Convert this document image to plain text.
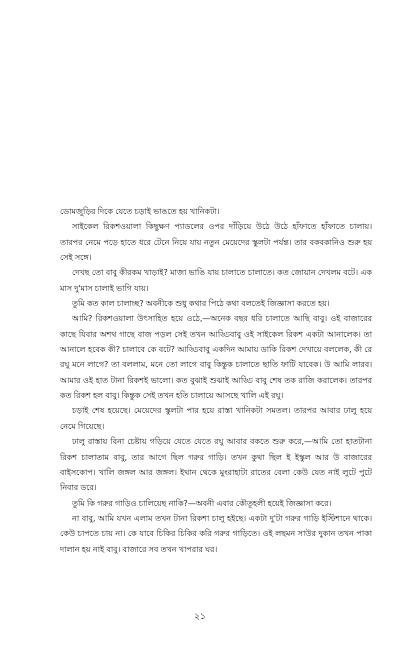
ডোমজুড়ির দিকে যেতে চড়াই ভাঙতে হয় খানিকটা।

সাইকেল রিকশওয়ালা কিছুক্ষণ প্যাডলের ওপর দাঁড়িয়ে উঠে উঠে হাঁফাতে হাঁফাতে চালায়। তারপর নেমে পড়ে হাতে ধরে টেনে নিয়ে যায় নতুন মেয়েদের স্কুলটা পর্যন্ত। তার বকবকানিও শুরু হয় সেই সঙ্গে।

দেখছ তো বাবু কীরকম খাড়াই? মাজা ভাঙি যায় চালাতে চালাতে। কত জোয়ান দেখলম বটে। এক মাস দু'মাস চালাই ভাগি যায়।

তুমি কত কাল চালাচ্ছ? অবনীকে শুধু কথার পিঠে কথা বলতেই জিজ্ঞাসা করতে হয়।

আমি? রিকশওয়ালা উৎসাহিত হয়ে ওঠে,—অনেক বছর ধরি চালাতে আছি বাবু। ওই বাজারের কাছে যিবার অশথ গাছে বাজ পড়ল সেই তখন আড্ডিবাবু ওই সাইকেল রিকশ একটা আনালেক। তা আনালে হবেক কী? চালাবে কে বটে? আড্ডিবাবু একদিন আমায় ডাকি রিকশ দেখায়ে বললেক, কী রে রঘু মনে লাগে? তা বললাম, মনে তো লাগে বাবু কিন্তুক চালাতে ছাতি ফাটি যাবেক। উ আমি লারব। আমার ওই হাত টানা রিকশই ভালো। কত বুঝাই শুঝাই আড্ডি বাবু শেষ তক রাজি করালেক। তারপর কত রিকশ হল বাবু। কিন্তুক সেই তখন হতি চালায়ে আসছে খালি এই রঘু।

চড়াই শেষ হয়েছে। মেয়েদের স্কুলটা পার হয়ে রাস্তা খানিকটা সমতল। তারপর আবার ঢালু হয়ে নেমে গিয়েছে।

ঢালু রাস্তায় বিনা চেষ্টায় গড়িয়ে যেতে যেতে রঘু আবার বকতে শুরু করে,—আমি তো হাতটানা রিকশ চালাতাম বাবু, তার আগে ছিল গরুর গাড়ি। তখন কুথা ছিল ই ইস্কুল আর উ বাজারের বাইসকোপ। খালি জঙ্গল আর জঙ্গল। ইথান থেকে মুংরাহাটা রাতের বেলা কেউ যেত নাই লুটে পুটে নিবার ডরে।

তুমি কি গরুর গাড়িও চালিয়েছ নাকি?—অবনী এবার কৌতূহলী হয়েই জিজ্ঞাসা করে।

না বাবু, আমি যখন এলাম তখন টানা রিকশা চালু হইছে। একটা দু'টা গরুর গাড়ি ইস্টিশানে থাকে। কেউ চাপতে চায় না। কে যাবে চিকির চিকির করি গরুর গাড়িতে। ওই লছমন সাউর দুকান তখন পাকা দালান হয় নাই বাবু। বাজারে সব তখন খাপরার ঘর।

২১
